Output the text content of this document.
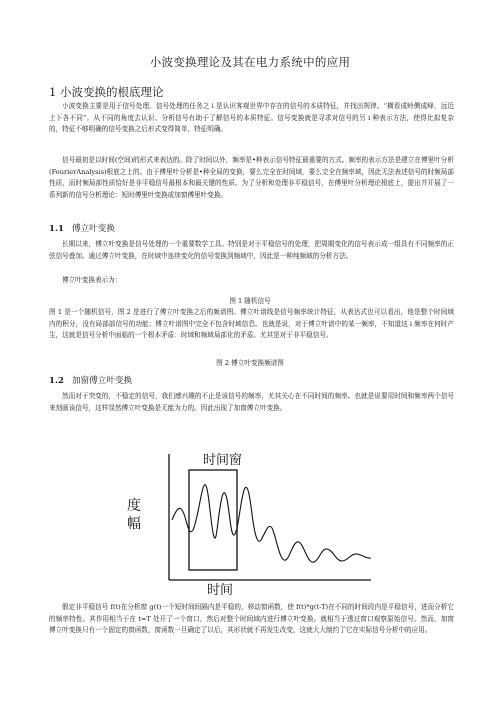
小波变换理论及其在电力系统中的应用
1 小波变换的根底理论
小波变换主要是用于信号处理。信号处理的任务之 i 是认识客观世界中存在的信号的本质特征，并找出规律。“横看成岭侧成峰，远近上下各不同”。从不同的角度去认识、分析信号有助于了解信号的本质特征。信号变换就是寻求对信号的另 i 种表示方法，使得比拟复杂的，特征不够明确的信号变换之后形式变得简单，特征明确。
信号最初是以时间(空间)的形式来表达的。除了时间以外，频率是•种表示信号特征最重要的方式。频率的表示方法是建立在傅里叶分析(FourierAnalysis)根底之上的。由于傅里叶分析是•种全局的变换，要么完全在时间域，要么完全在频率域，因此无法表述信号的时频局部性质，而时频局部性质恰好是非平稳信号最根本和最关键的性质。为了分析和处理非平稳信号，在傅里叶分析理论根底上，提出并开展了一系列新的信号分析理论：短时傅里叶变换或加窗傅里叶变换。
1.1 傅立叶变换
长期以来，傅立叶变换是信号处理的一个重要数学工具。特别是对于平稳信号的处理，把周期变化的信号表示成一组具有不同频率的正弦信号叠加。通过傅立叶变换，在时域中连续变化的信号变换到频域中，因此是一种纯频域的分析方法。
傅立叶变换表示为：
图 1 随机信号
图 1 是一个随机信号，图 2 是进行了傅立叶变换之后的频谱图。傅立叶谱线是信号频率统计特征，从表达式也可以看出，他是整个时间域内的积分，没有局部部信号的功能；傅立叶谱图中完全不包含时域信息。也就是说，对于傅立叶谱中的某一频率，不知道这 i 频率在何时产生，这就是信号分析中面临的一个根本矛盾：时域和频域局部化的矛盾。尤其是对于非平稳信号。
图 2 傅立叶变换频谱图
1.2 加窗傅立叶变换
然而对于突变的，不稳定的信号，我们感兴趣的不止是该信号的频率，尤其关心在不同时间的频率。也就是说要用时间和频率两个信号来刻画该信号，这样显然傅立叶变换是无能为力的。因此出现了加窗傅立叶变换。
时间窗
度
幅
时间
假定非平稳信号 f(t)在分析窗 g(t)一个短时间间隔内是平稳的，移动窗函数，使 f(t)*g(t-T)在不同的时间段内是平稳信号，进而分析它的频率特性。其作用相当于在 t=T 处开了一个窗口，然后对整个时间域内进行傅立叶变换。就相当于透过窗口观察原始信号。然而，加窗傅立叶变换只有一个固定的窗函数，窗函数一旦确定了以后，其形状就不再发生改变，这就大大制约了它在实际信号分析中的应用。
